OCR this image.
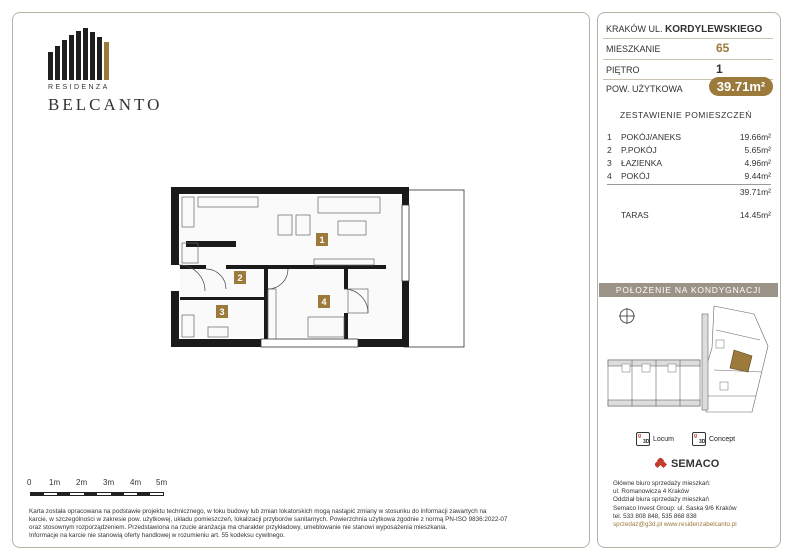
RESIDENZA
BELCANTO
1
2
3
4
0 1m 2m 3m 4m 5m
Karta została opracowana na podstawie projektu technicznego, w toku budowy lub zmian lokatorskich mogą nastąpić zmiany w stosunku do informacji zawartych na
karcie, w szczególności w zakresie pow. użytkowej, układu pomieszczeń, lokalizacji przyborów sanitarnych. Powierzchnia użytkowa zgodnie z normą PN-ISO 9836:2022-07
oraz stosownym rozporządzeniem. Przedstawiona na rzucie aranżacja ma charakter przykładowy, umeblowanie nie stanowi wyposażenia mieszkania.
Informacje na karcie nie stanowią oferty handlowej w rozumieniu art. 55 kodeksu cywilnego.
KRAKÓW UL. KORDYLEWSKIEGO
MIESZKANIE	65
PIĘTRO	1
POW. UŻYTKOWA	39.71m²
ZESTAWIENIE POMIESZCZEŃ
1 POKÓJ/ANEKS	19.66m²
2 P.POKÓJ	5.65m²
3 ŁAZIENKA	4.96m²
4 POKÓJ	9.44m²
39.71m²
TARAS	14.45m²
POŁOŻENIE NA KONDYGNACJI
g
3D Locum	g
3D Concept
SEMACO
Główne biuro sprzedaży mieszkań:
ul. Romanowicza 4 Kraków
Oddział biura sprzedaży mieszkań
Semaco Invest Group: ul. Saska 9/6 Kraków
tel. 533 808 848, 535 868 838
sprzedaz@g3d.pl www.residenzabelcanto.pl
